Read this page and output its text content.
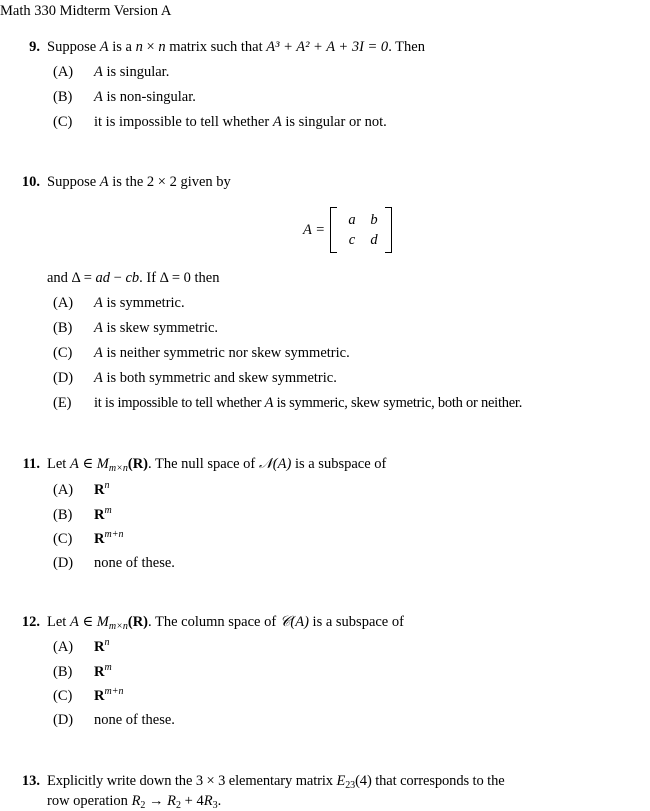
Math 330 Midterm Version A
9. Suppose A is a n × n matrix such that A³ + A² + A + 3I = 0. Then
(A) A is singular.
(B) A is non-singular.
(C) it is impossible to tell whether A is singular or not.
10. Suppose A is the 2 × 2 given by
A =
a	b
c	d
and Δ = ad − cb. If Δ = 0 then
(A) A is symmetric.
(B) A is skew symmetric.
(C) A is neither symmetric nor skew symmetric.
(D) A is both symmetric and skew symmetric.
(E) it is impossible to tell whether A is symmeric, skew symetric, both or neither.
11. Let A ∈ $M_{m\times n}(R)$. The null space of 𝒩(A) is a subspace of
(A) $R^n$
(B) $R^m$
(C) $R^{m+n}$
(D) none of these.
12. Let A ∈ $M_{m\times n}(R)$. The column space of 𝒞(A) is a subspace of
(A) $R^n$
(B) $R^m$
(C) $R^{m+n}$
(D) none of these.
13. Explicitly write down the 3 × 3 elementary matrix $E_{23}(4)$ that corresponds to the
row operation $R_2 \to R_2 + 4R_3$.
